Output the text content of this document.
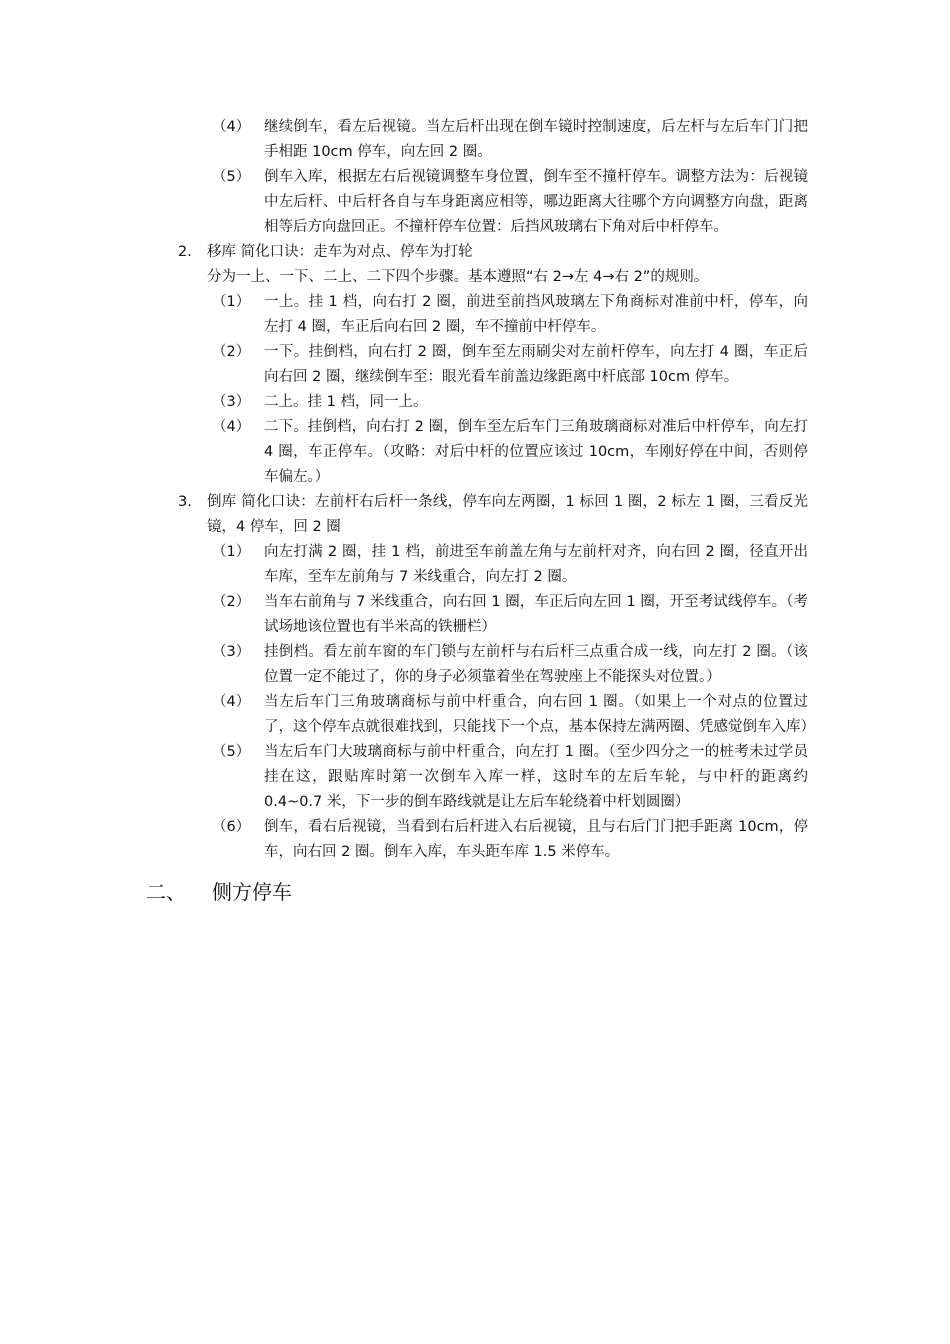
（4） 继续倒车，看左后视镜。当左后杆出现在倒车镜时控制速度，后左杆与左后车门门把手相距 10cm 停车，向左回 2 圈。
（5） 倒车入库，根据左右后视镜调整车身位置，倒车至不撞杆停车。调整方法为：后视镜中左后杆、中后杆各自与车身距离应相等，哪边距离大往哪个方向调整方向盘，距离相等后方向盘回正。不撞杆停车位置：后挡风玻璃右下角对后中杆停车。
2. 移库 简化口诀：走车为对点、停车为打轮
分为一上、一下、二上、二下四个步骤。基本遵照“右 2→左 4→右 2”的规则。
（1） 一上。挂 1 档，向右打 2 圈，前进至前挡风玻璃左下角商标对准前中杆，停车，向左打 4 圈，车正后向右回 2 圈，车不撞前中杆停车。
（2） 一下。挂倒档，向右打 2 圈，倒车至左雨刷尖对左前杆停车，向左打 4 圈，车正后向右回 2 圈，继续倒车至：眼光看车前盖边缘距离中杆底部 10cm 停车。
（3） 二上。挂 1 档，同一上。
（4） 二下。挂倒档，向右打 2 圈，倒车至左后车门三角玻璃商标对准后中杆停车，向左打 4 圈，车正停车。（攻略：对后中杆的位置应该过 10cm，车刚好停在中间，否则停车偏左。）
3. 倒库 简化口诀：左前杆右后杆一条线，停车向左两圈，1 标回 1 圈，2 标左 1 圈，三看反光镜，4 停车，回 2 圈
（1） 向左打满 2 圈，挂 1 档，前进至车前盖左角与左前杆对齐，向右回 2 圈，径直开出车库，至车左前角与 7 米线重合，向左打 2 圈。
（2） 当车右前角与 7 米线重合，向右回 1 圈，车正后向左回 1 圈，开至考试线停车。（考试场地该位置也有半米高的铁栅栏）
（3） 挂倒档。看左前车窗的车门锁与左前杆与右后杆三点重合成一线，向左打 2 圈。（该位置一定不能过了，你的身子必须靠着坐在驾驶座上不能探头对位置。）
（4） 当左后车门三角玻璃商标与前中杆重合，向右回 1 圈。（如果上一个对点的位置过了，这个停车点就很难找到，只能找下一个点，基本保持左满两圈、凭感觉倒车入库）
（5） 当左后车门大玻璃商标与前中杆重合，向左打 1 圈。（至少四分之一的桩考未过学员挂在这，跟贴库时第一次倒车入库一样，这时车的左后车轮，与中杆的距离约 0.4~0.7 米，下一步的倒车路线就是让左后车轮绕着中杆划圆圈）
（6） 倒车，看右后视镜，当看到右后杆进入右后视镜，且与右后门门把手距离 10cm，停车，向右回 2 圈。倒车入库，车头距车库 1.5 米停车。
二、 侧方停车
